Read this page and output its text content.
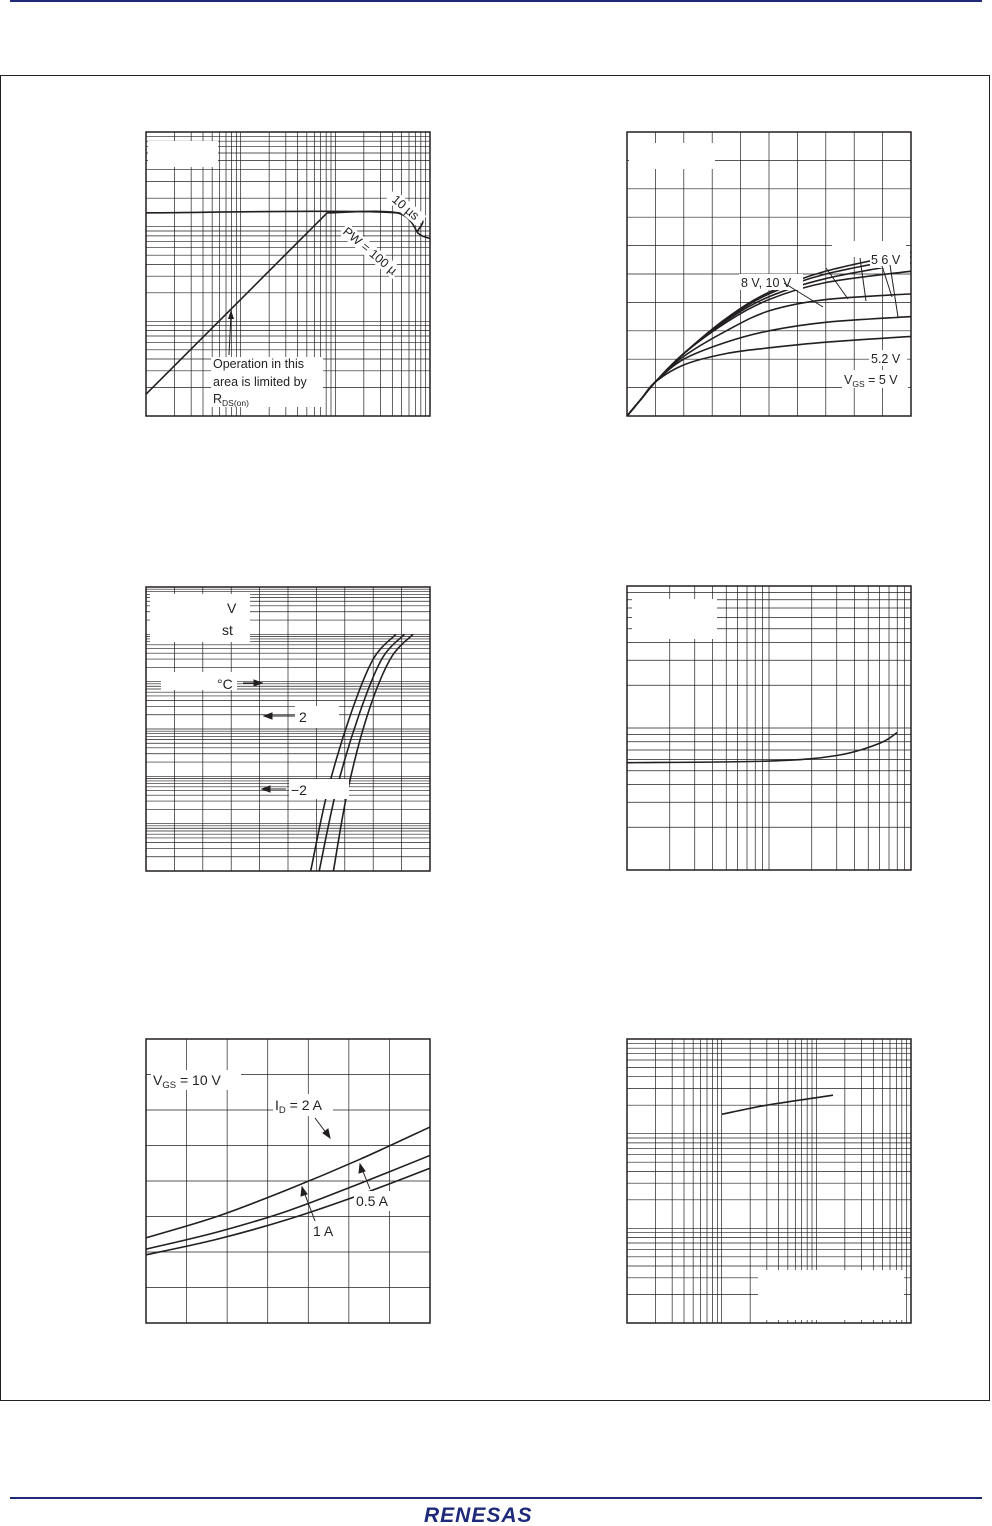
Operation in this
area is limited by
$R_{DS(on)}$
10 µs
PW = 100 µ	5 6 V
8 V, 10 V
5.2 V
$V_{GS} = 5$ V
V
st
°C
2
−2
$V_{GS} = 10$ V
$I_D = 2$ A
0.5 A
1 A
RENESAS
